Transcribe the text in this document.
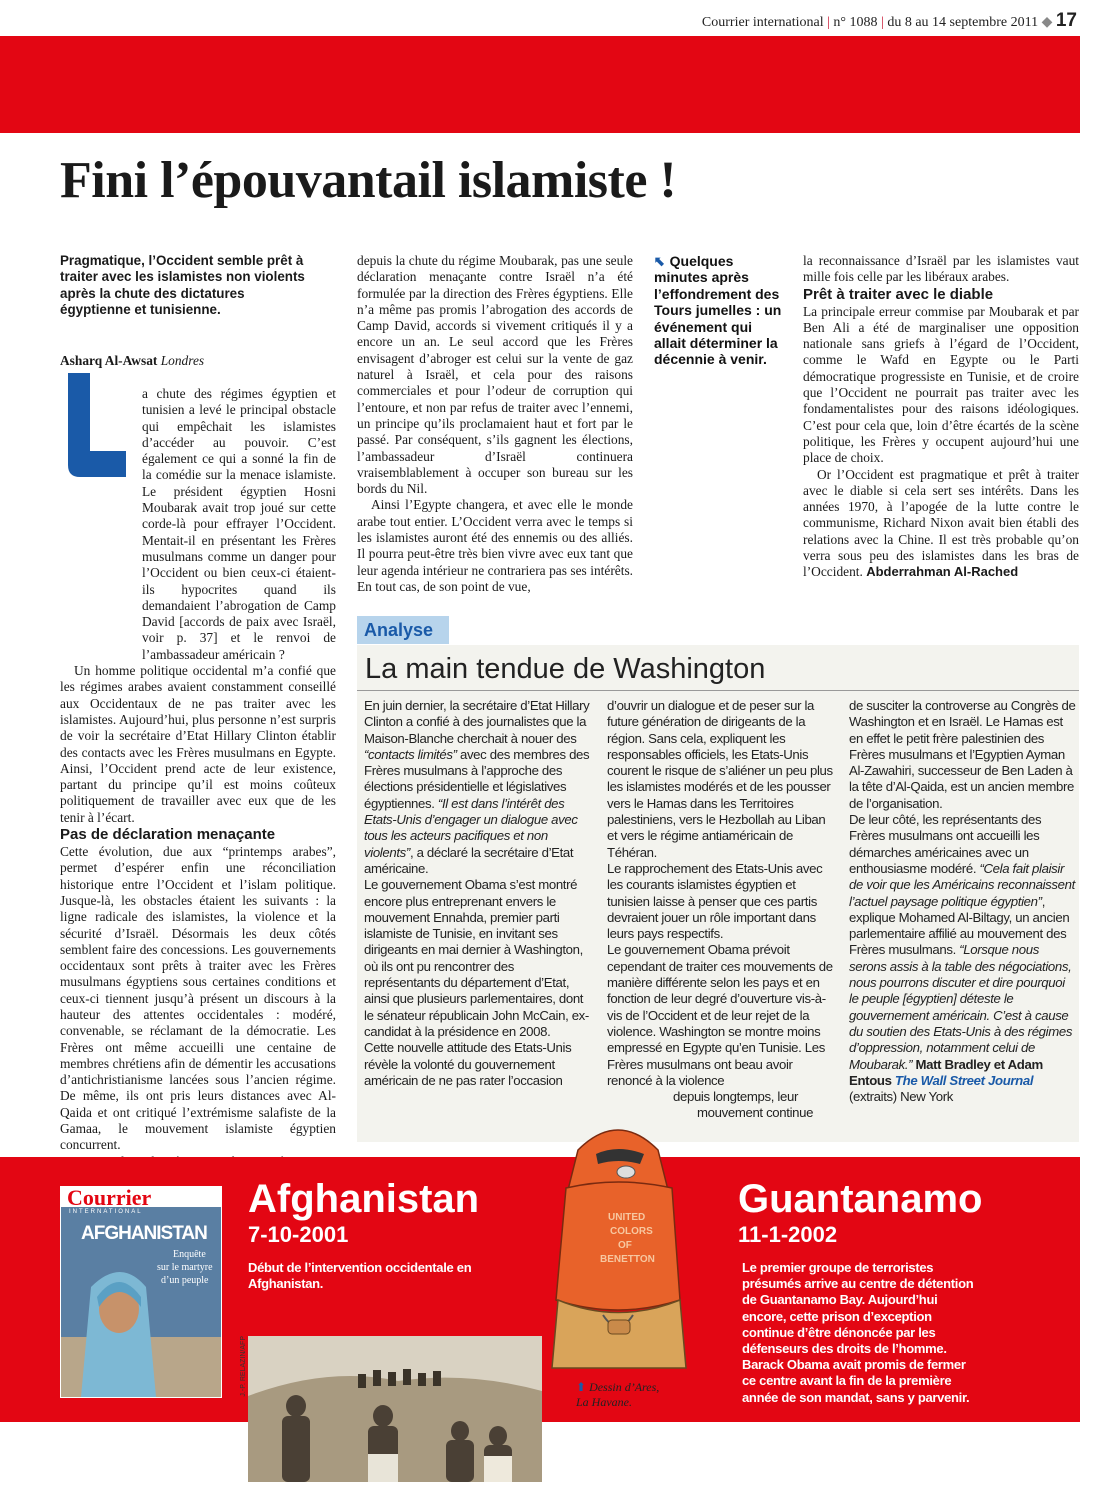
Courrier international | n° 1088 | du 8 au 14 septembre 2011 ◆ 17
Fini l’épouvantail islamiste !
Pragmatique, l’Occident semble prêt à traiter avec les islamistes non violents après la chute des dictatures égyptienne et tunisienne.
Asharq Al-Awsat Londres

a chute des régimes égyptien et tunisien a levé le principal obstacle qui empêchait les islamistes d’accéder au pouvoir. C’est également ce qui a sonné la fin de la comédie sur la menace islamiste. Le président égyptien Hosni Moubarak avait trop joué sur cette corde-là pour effrayer l’Occident. Mentait-il en présentant les Frères musulmans comme un danger pour l’Occident ou bien ceux-ci étaient-ils hypocrites quand ils demandaient l’abrogation de Camp David [accords de paix avec Israël, voir p. 37] et le renvoi de l’ambassadeur américain ?

Un homme politique occidental m’a confié que les régimes arabes avaient constamment conseillé aux Occidentaux de ne pas traiter avec les islamistes. Aujourd’hui, plus personne n’est surpris de voir la secrétaire d’Etat Hillary Clinton établir des contacts avec les Frères musulmans en Egypte. Ainsi, l’Occident prend acte de leur existence, partant du principe qu’il est moins coûteux politiquement de travailler avec eux que de les tenir à l’écart.

Pas de déclaration menaçante

Cette évolution, due aux “printemps arabes”, permet d’espérer enfin une réconciliation historique entre l’Occident et l’islam politique. Jusque-là, les obstacles étaient les suivants : la ligne radicale des islamistes, la violence et la sécurité d’Israël. Désormais les deux côtés semblent faire des concessions. Les gouvernements occidentaux sont prêts à traiter avec les Frères musulmans égyptiens sous certaines conditions et ceux-ci tiennent jusqu’à présent un discours à la hauteur des attentes occidentales : modéré, convenable, se réclamant de la démocratie. Les Frères ont même accueilli une centaine de membres chrétiens afin de démentir les accusations d’antichristianisme lancées sous l’ancien régime. De même, ils ont pris leurs distances avec Al-Qaida et ont critiqué l’extrémisme salafiste de la Gamaa, le mouvement islamiste égyptien concurrent.

depuis la chute du régime Moubarak, pas une seule déclaration menaçante contre Israël n’a été formulée par la direction des Frères égyptiens. Elle n’a même pas promis l’abrogation des accords de Camp David, accords si vivement critiqués il y a encore un an. Le seul accord que les Frères envisagent d’abroger est celui sur la vente de gaz naturel à Israël, et cela pour des raisons commerciales et pour l’odeur de corruption qui l’entoure, et non par refus de traiter avec l’ennemi, un principe qu’ils proclamaient haut et fort par le passé. Par conséquent, s’ils gagnent les élections, l’ambassadeur d’Israël continuera vraisemblablement à occuper son bureau sur les bords du Nil.

Ainsi l’Egypte changera, et avec elle le monde arabe tout entier. L’Occident verra avec le temps si les islamistes auront été des ennemis ou des alliés. Il pourra peut-être très bien vivre avec eux tant que leur agenda intérieur ne contrariera pas ses intérêts. En tout cas, de son point de vue,

⬉ Quelques minutes après l’effondrement des Tours jumelles : un événement qui allait déterminer la décennie à venir.

la reconnaissance d’Israël par les islamistes vaut mille fois celle par les libéraux arabes.

Prêt à traiter avec le diable

La principale erreur commise par Moubarak et par Ben Ali a été de marginaliser une opposition nationale sans griefs à l’égard de l’Occident, comme le Wafd en Egypte ou le Parti démocratique progressiste en Tunisie, et de croire que l’Occident ne pourrait pas traiter avec les fondamentalistes pour des raisons idéologiques. C’est pour cela que, loin d’être écartés de la scène politique, les Frères y occupent aujourd’hui une place de choix.

Or l’Occident est pragmatique et prêt à traiter avec le diable si cela sert ses intérêts. Dans les années 1970, à l’apogée de la lutte contre le communisme, Richard Nixon avait bien établi des relations avec la Chine. Il est très probable qu’on verra sous peu des islamistes dans les bras de l’Occident. Abderrahman Al-Rached

Analyse
La main tendue de Washington

En juin dernier, la secrétaire d’Etat Hillary Clinton a confié à des journalistes que la Maison-Blanche cherchait à nouer des “contacts limités” avec des membres des Frères musulmans à l’approche des élections présidentielle et législatives égyptiennes. “Il est dans l’intérêt des Etats-Unis d’engager un dialogue avec tous les acteurs pacifiques et non violents”, a déclaré la secrétaire d’Etat américaine.

Le gouvernement Obama s’est montré encore plus entreprenant envers le mouvement Ennahda, premier parti islamiste de Tunisie, en invitant ses dirigeants en mai dernier à Washington, où ils ont pu rencontrer des représentants du département d’Etat, ainsi que plusieurs parlementaires, dont le sénateur républicain John McCain, ex-candidat à la présidence en 2008.

Cette nouvelle attitude des Etats-Unis révèle la volonté du gouvernement américain de ne pas rater l’occasion

d’ouvrir un dialogue et de peser sur la future génération de dirigeants de la région. Sans cela, expliquent les responsables officiels, les Etats-Unis courent le risque de s’aliéner un peu plus les islamistes modérés et de les pousser vers le Hamas dans les Territoires palestiniens, vers le Hezbollah au Liban et vers le régime antiaméricain de Téhéran.

Le rapprochement des Etats-Unis avec les courants islamistes égyptien et tunisien laisse à penser que ces partis devraient jouer un rôle important dans leurs pays respectifs.

Le gouvernement Obama prévoit cependant de traiter ces mouvements de manière différente selon les pays et en fonction de leur degré d’ouverture vis-à-vis de l’Occident et de leur rejet de la violence. Washington se montre moins empressé en Egypte qu’en Tunisie. Les Frères musulmans ont beau avoir renoncé à la violence

depuis longtemps, leur

mouvement continue

de susciter la controverse au Congrès de Washington et en Israël. Le Hamas est en effet le petit frère palestinien des Frères musulmans et l’Egyptien Ayman Al-Zawahiri, successeur de Ben Laden à la tête d’Al-Qaida, est un ancien membre de l’organisation.

De leur côté, les représentants des Frères musulmans ont accueilli les démarches américaines avec un enthousiasme modéré. “Cela fait plaisir de voir que les Américains reconnaissent l’actuel paysage politique égyptien”, explique Mohamed Al-Biltagy, un ancien parlementaire affilié au mouvement des Frères musulmans. “Lorsque nous serons assis à la table des négociations, nous pourrons discuter et dire pourquoi le peuple [égyptien] déteste le gouvernement américain. C’est à cause du soutien des Etats-Unis à des régimes d’oppression, notamment celui de Moubarak.” Matt Bradley et Adam Entous The Wall Street Journal (extraits) New York

Courrier
INTERNATIONAL
AFGHANISTAN
Enquête
sur le martyre
d’un peuple
J.-P. RELAZIN/AFP
Afghanistan
7-10-2001
Début de l’intervention occidentale en Afghanistan.
Guantanamo
11-1-2002
Le premier groupe de terroristes présumés arrive au centre de détention de Guantanamo Bay. Aujourd’hui encore, cette prison d’exception continue d’être dénoncée par les défenseurs des droits de l’homme. Barack Obama avait promis de fermer ce centre avant la fin de la première année de son mandat, sans y parvenir.
UNITED
COLORS
OF
BENETTON
⬆ Dessin d’Ares,
La Havane.
